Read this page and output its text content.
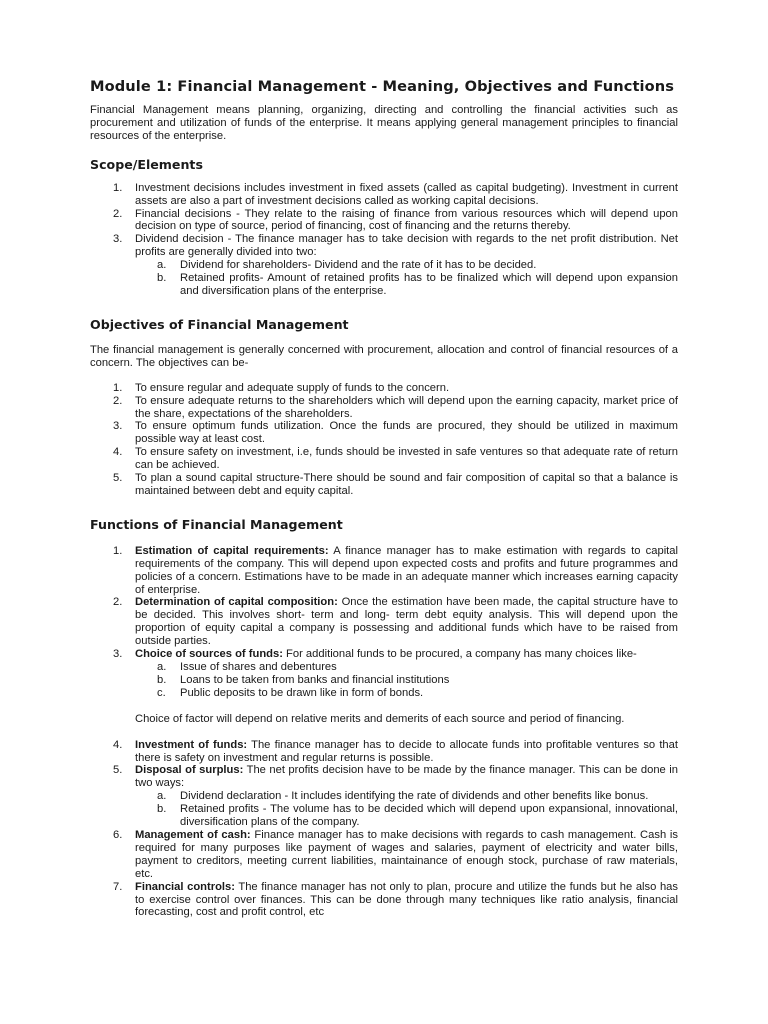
Module 1: Financial Management - Meaning, Objectives and Functions

Financial Management means planning, organizing, directing and controlling the financial activities such as procurement and utilization of funds of the enterprise. It means applying general management principles to financial resources of the enterprise.

Scope/Elements
1.	Investment decisions includes investment in fixed assets (called as capital budgeting). Investment in current assets are also a part of investment decisions called as working capital decisions.
2.	Financial decisions - They relate to the raising of finance from various resources which will depend upon decision on type of source, period of financing, cost of financing and the returns thereby.
3.	Dividend decision - The finance manager has to take decision with regards to the net profit distribution. Net profits are generally divided into two:
a.	Dividend for shareholders- Dividend and the rate of it has to be decided.
b.	Retained profits- Amount of retained profits has to be finalized which will depend upon expansion and diversification plans of the enterprise.
Objectives of Financial Management

The financial management is generally concerned with procurement, allocation and control of financial resources of a concern. The objectives can be-

1.	To ensure regular and adequate supply of funds to the concern.
2.	To ensure adequate returns to the shareholders which will depend upon the earning capacity, market price of the share, expectations of the shareholders.
3.	To ensure optimum funds utilization. Once the funds are procured, they should be utilized in maximum possible way at least cost.
4.	To ensure safety on investment, i.e, funds should be invested in safe ventures so that adequate rate of return can be achieved.
5.	To plan a sound capital structure-There should be sound and fair composition of capital so that a balance is maintained between debt and equity capital.
Functions of Financial Management
1.	Estimation of capital requirements: A finance manager has to make estimation with regards to capital requirements of the company. This will depend upon expected costs and profits and future programmes and policies of a concern. Estimations have to be made in an adequate manner which increases earning capacity of enterprise.
2.	Determination of capital composition: Once the estimation have been made, the capital structure have to be decided. This involves short- term and long- term debt equity analysis. This will depend upon the proportion of equity capital a company is possessing and additional funds which have to be raised from outside parties.
3.	Choice of sources of funds: For additional funds to be procured, a company has many choices like-
a.	Issue of shares and debentures
b.	Loans to be taken from banks and financial institutions
c.	Public deposits to be drawn like in form of bonds.
Choice of factor will depend on relative merits and demerits of each source and period of financing.
4.	Investment of funds: The finance manager has to decide to allocate funds into profitable ventures so that there is safety on investment and regular returns is possible.
5.	Disposal of surplus: The net profits decision have to be made by the finance manager. This can be done in two ways:
a.	Dividend declaration - It includes identifying the rate of dividends and other benefits like bonus.
b.	Retained profits - The volume has to be decided which will depend upon expansional, innovational, diversification plans of the company.
6.	Management of cash: Finance manager has to make decisions with regards to cash management. Cash is required for many purposes like payment of wages and salaries, payment of electricity and water bills, payment to creditors, meeting current liabilities, maintainance of enough stock, purchase of raw materials, etc.
7.	Financial controls: The finance manager has not only to plan, procure and utilize the funds but he also has to exercise control over finances. This can be done through many techniques like ratio analysis, financial forecasting, cost and profit control, etc
